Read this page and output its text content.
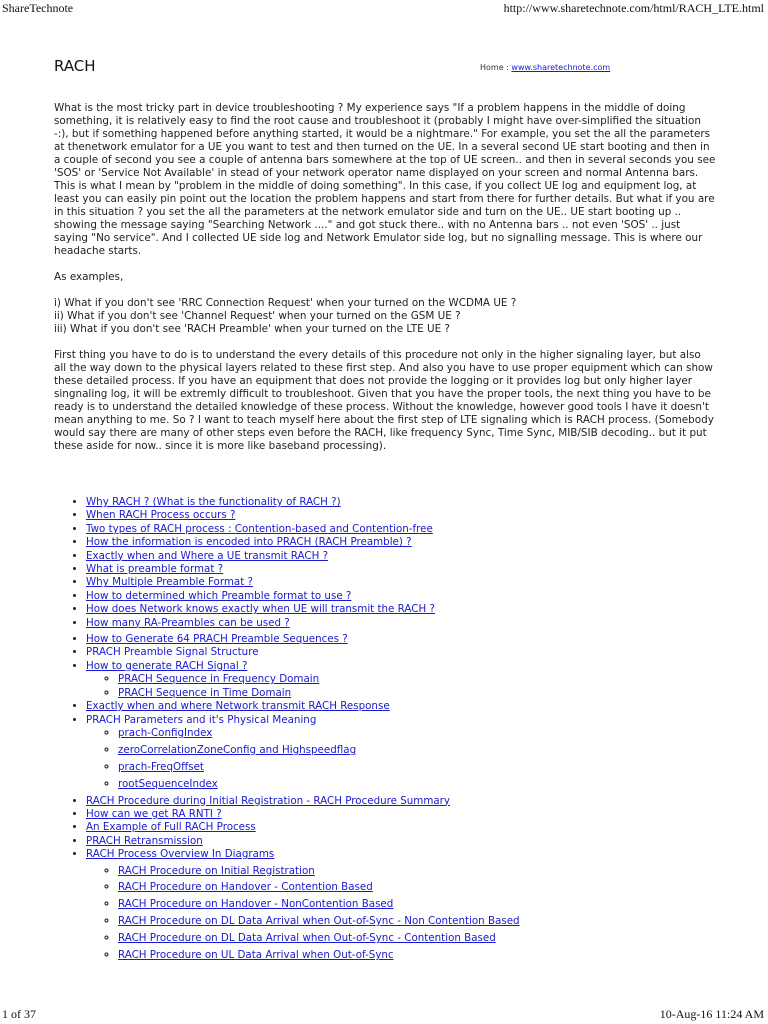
ShareTechnote	http://www.sharetechnote.com/html/RACH_LTE.html
RACH	Home : www.sharetechnote.com

What is the most tricky part in device troubleshooting ? My experience says "If a problem happens in the middle of doing something, it is relatively easy to find the root cause and troubleshoot it (probably I might have over-simplified the situation -:), but if something happened before anything started, it would be a nightmare." For example, you set the all the parameters at thenetwork emulator for a UE you want to test and then turned on the UE. In a several second UE start booting and then in a couple of second you see a couple of antenna bars somewhere at the top of UE screen.. and then in several seconds you see 'SOS' or 'Service Not Available' in stead of your network operator name displayed on your screen and normal Antenna bars. This is what I mean by "problem in the middle of doing something". In this case, if you collect UE log and equipment log, at least you can easily pin point out the location the problem happens and start from there for further details. But what if you are in this situation ? you set the all the parameters at the network emulator side and turn on the UE.. UE start booting up .. showing the message saying "Searching Network ...." and got stuck there.. with no Antenna bars .. not even 'SOS' .. just saying "No service". And I collected UE side log and Network Emulator side log, but no signalling message. This is where our headache starts.

As examples,

i) What if you don't see 'RRC Connection Request' when your turned on the WCDMA UE ?
ii) What if you don't see 'Channel Request' when your turned on the GSM UE ?
iii) What if you don't see 'RACH Preamble' when your turned on the LTE UE ?

First thing you have to do is to understand the every details of this procedure not only in the higher signaling layer, but also all the way down to the physical layers related to these first step. And also you have to use proper equipment which can show these detailed process. If you have an equipment that does not provide the logging or it provides log but only higher layer singnaling log, it will be extremly difficult to troubleshoot. Given that you have the proper tools, the next thing you have to be ready is to understand the detailed knowledge of these process. Without the knowledge, however good tools I have it doesn't mean anything to me. So ? I want to teach myself here about the first step of LTE signaling which is RACH process. (Somebody would say there are many of other steps even before the RACH, like frequency Sync, Time Sync, MIB/SIB decoding.. but it put these aside for now.. since it is more like baseband processing).

• Why RACH ? (What is the functionality of RACH ?)
• When RACH Process occurs ?
• Two types of RACH process : Contention-based and Contention-free
• How the information is encoded into PRACH (RACH Preamble) ?
• Exactly when and Where a UE transmit RACH ?
• What is preamble format ?
• Why Multiple Preamble Format ?
• How to determined which Preamble format to use ?
• How does Network knows exactly when UE will transmit the RACH ?
• How many RA-Preambles can be used ?
• How to Generate 64 PRACH Preamble Sequences ?
• PRACH Preamble Signal Structure
• How to generate RACH Signal ?
◦ PRACH Sequence in Frequency Domain
◦ PRACH Sequence in Time Domain
• Exactly when and where Network transmit RACH Response
• PRACH Parameters and it's Physical Meaning
◦ prach-ConfigIndex
◦ zeroCorrelationZoneConfig and Highspeedflag
◦ prach-FreqOffset
◦ rootSequenceIndex
• RACH Procedure during Initial Registration - RACH Procedure Summary
• How can we get RA RNTI ?
• An Example of Full RACH Process
• PRACH Retransmission
• RACH Process Overview In Diagrams
◦ RACH Procedure on Initial Registration
◦ RACH Procedure on Handover - Contention Based
◦ RACH Procedure on Handover - NonContention Based
◦ RACH Procedure on DL Data Arrival when Out-of-Sync - Non Contention Based
◦ RACH Procedure on DL Data Arrival when Out-of-Sync - Contention Based
◦ RACH Procedure on UL Data Arrival when Out-of-Sync
1 of 37	10-Aug-16 11:24 AM
